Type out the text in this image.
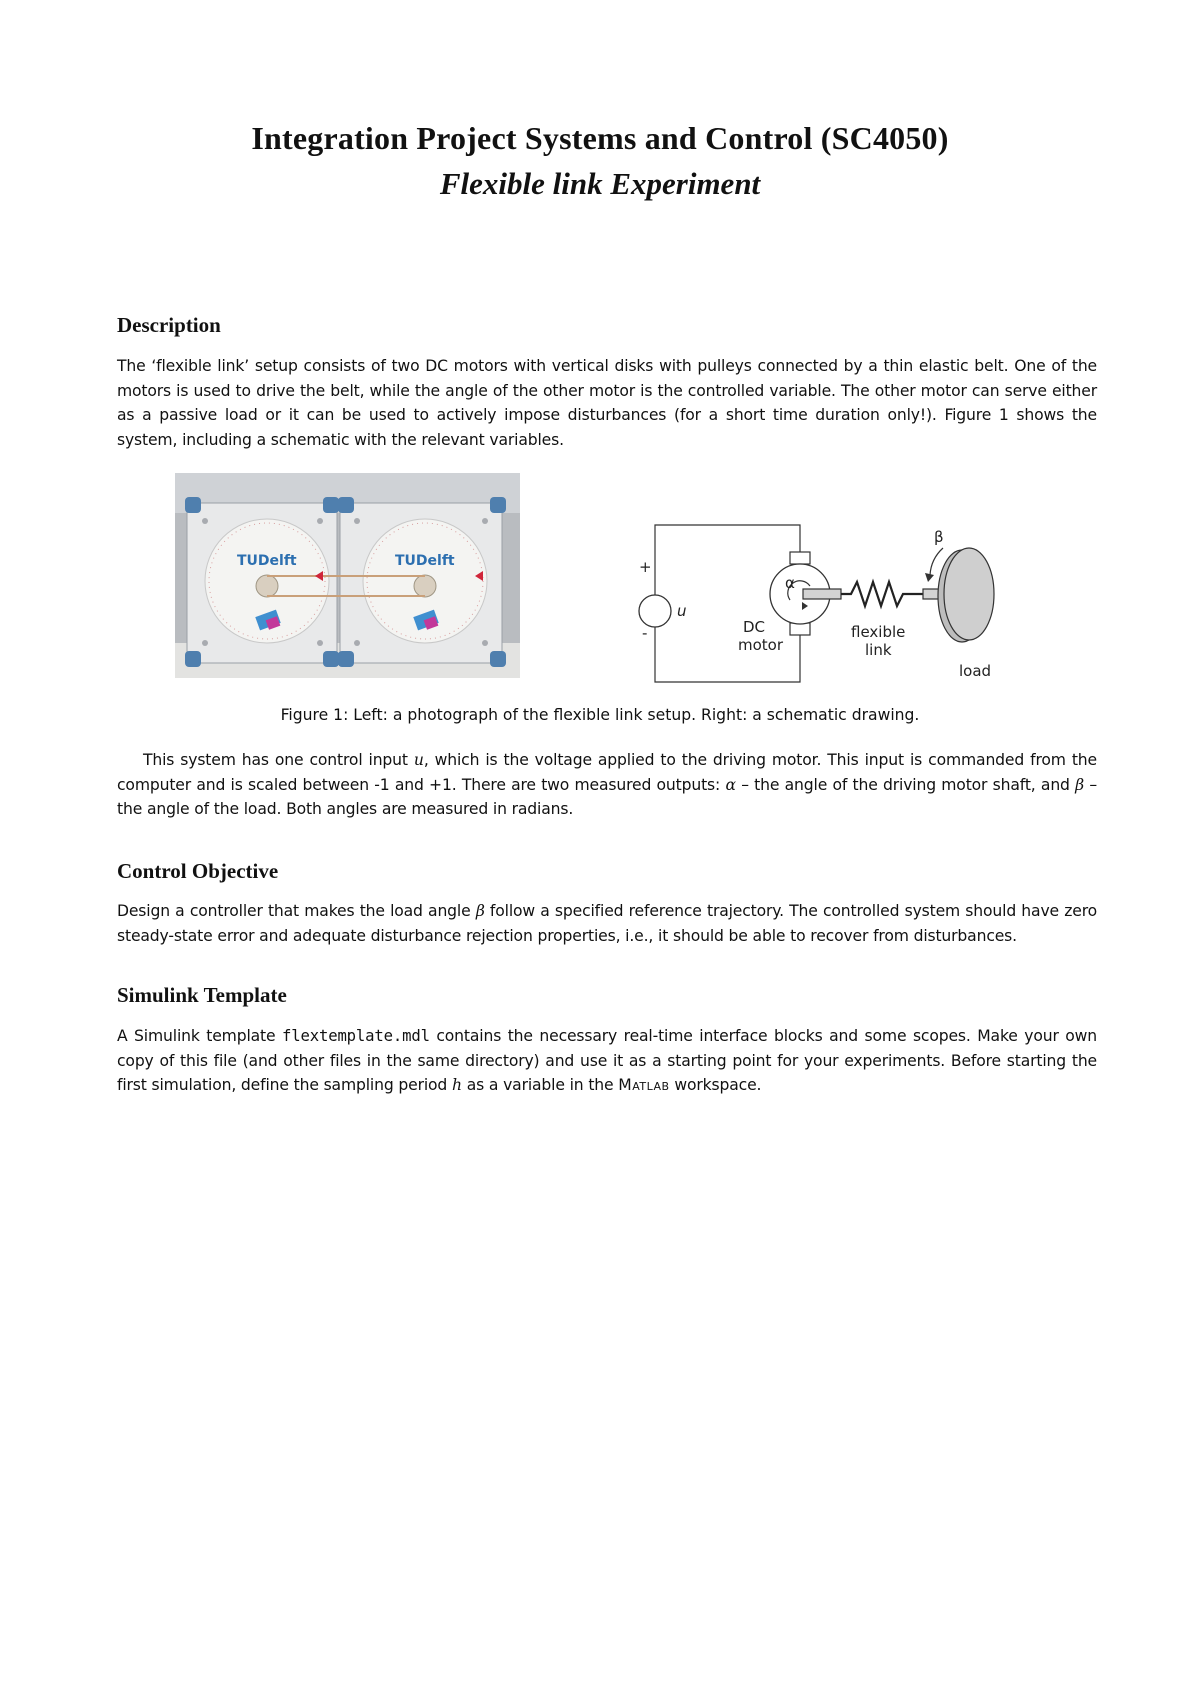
Integration Project Systems and Control (SC4050)
Flexible link Experiment
Description
The ‘flexible link’ setup consists of two DC motors with vertical disks with pulleys connected by a thin elastic belt. One of the motors is used to drive the belt, while the angle of the other motor is the controlled variable. The other motor can serve either as a passive load or it can be used to actively impose disturbances (for a short time duration only!). Figure 1 shows the system, including a schematic with the relevant variables.
TUDelft	TUDelft	+
-
u
α
DC
motor
flexible
link
β
load
Figure 1: Left: a photograph of the flexible link setup. Right: a schematic drawing.
This system has one control input u, which is the voltage applied to the driving motor. This input is commanded from the computer and is scaled between -1 and +1. There are two measured outputs: α – the angle of the driving motor shaft, and β – the angle of the load. Both angles are measured in radians.
Control Objective
Design a controller that makes the load angle β follow a specified reference trajectory. The controlled system should have zero steady-state error and adequate disturbance rejection properties, i.e., it should be able to recover from disturbances.
Simulink Template
A Simulink template flextemplate.mdl contains the necessary real-time interface blocks and some scopes. Make your own copy of this file (and other files in the same directory) and use it as a starting point for your experiments. Before starting the first simulation, define the sampling period h as a variable in the Matlab workspace.
